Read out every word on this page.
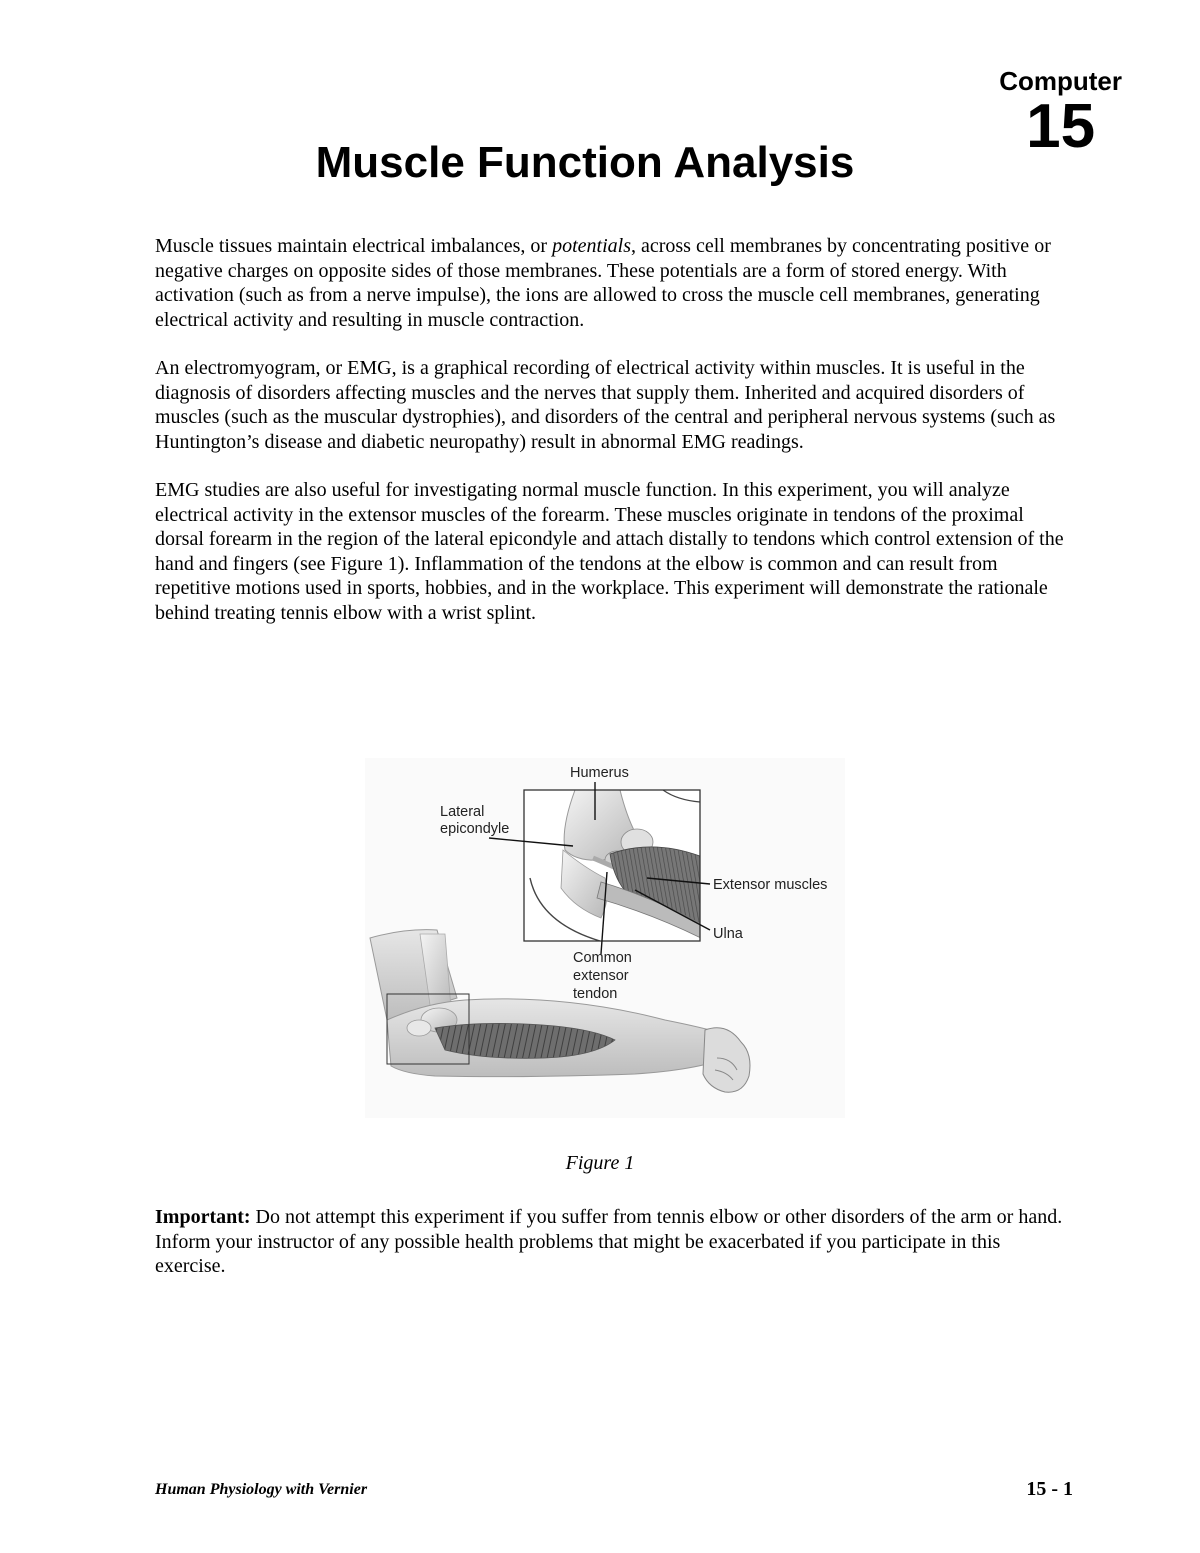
Computer
15
Muscle Function Analysis

Muscle tissues maintain electrical imbalances, or potentials, across cell membranes by concentrating positive or negative charges on opposite sides of those membranes. These potentials are a form of stored energy. With activation (such as from a nerve impulse), the ions are allowed to cross the muscle cell membranes, generating electrical activity and resulting in muscle contraction.

An electromyogram, or EMG, is a graphical recording of electrical activity within muscles. It is useful in the diagnosis of disorders affecting muscles and the nerves that supply them. Inherited and acquired disorders of muscles (such as the muscular dystrophies), and disorders of the central and peripheral nervous systems (such as Huntington’s disease and diabetic neuropathy) result in abnormal EMG readings.

EMG studies are also useful for investigating normal muscle function. In this experiment, you will analyze electrical activity in the extensor muscles of the forearm. These muscles originate in tendons of the proximal dorsal forearm in the region of the lateral epicondyle and attach distally to tendons which control extension of the hand and fingers (see Figure 1). Inflammation of the tendons at the elbow is common and can result from repetitive motions used in sports, hobbies, and in the workplace. This experiment will demonstrate the rationale behind treating tennis elbow with a wrist splint.

Humerus
Lateral
epicondyle
Extensor muscles
Ulna
Common
extensor
tendon
Figure 1

Important: Do not attempt this experiment if you suffer from tennis elbow or other disorders of the arm or hand. Inform your instructor of any possible health problems that might be exacerbated if you participate in this exercise.

Human Physiology with Vernier	15 - 1
